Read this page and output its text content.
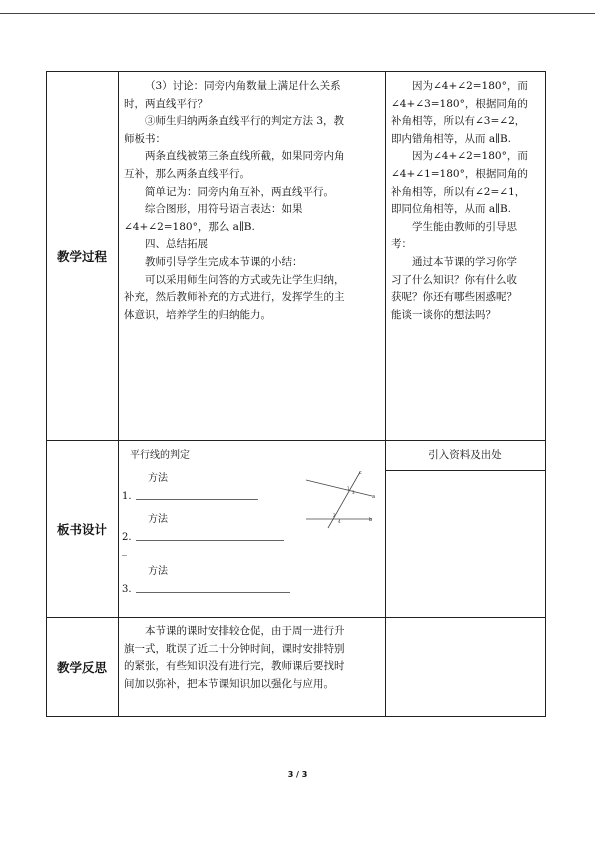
教学过程

（3）讨论：同旁内角数量上满足什么关系

时，两直线平行？

③师生归纳两条直线平行的判定方法 3，教

师板书：

两条直线被第三条直线所截，如果同旁内角

互补，那么两条直线平行。

简单记为：同旁内角互补，两直线平行。

综合图形，用符号语言表达：如果

∠4+∠2=180°，那么 a∥B.

四、总结拓展

教师引导学生完成本节课的小结：

可以采用师生问答的方式或先让学生归纳，

补充，然后教师补充的方式进行，发挥学生的主

体意识，培养学生的归纳能力。

因为∠4+∠2=180°，而

∠4+∠3=180°，根据同角的

补角相等，所以有∠3=∠2，

即内错角相等，从而 a∥B.

因为∠4+∠2=180°，而

∠4+∠1=180°，根据同角的

补角相等，所以有∠2=∠1，

即同位角相等，从而 a∥B.

学生能由教师的引导思

考：

通过本节课的学习你学

习了什么知识？你有什么收

获呢？你还有哪些困惑呢？

能谈一谈你的想法吗？

板书设计
平行线的判定
方法
1.
方法
2.
_
方法
3.
c
a
b
1
3
2
4
引入资料及出处
教学反思

本节课的课时安排较仓促，由于周一进行升

旗一式，耽误了近二十分钟时间，课时安排特别

的紧张，有些知识没有进行完，教师课后要找时

间加以弥补，把本节课知识加以强化与应用。

3 / 3
